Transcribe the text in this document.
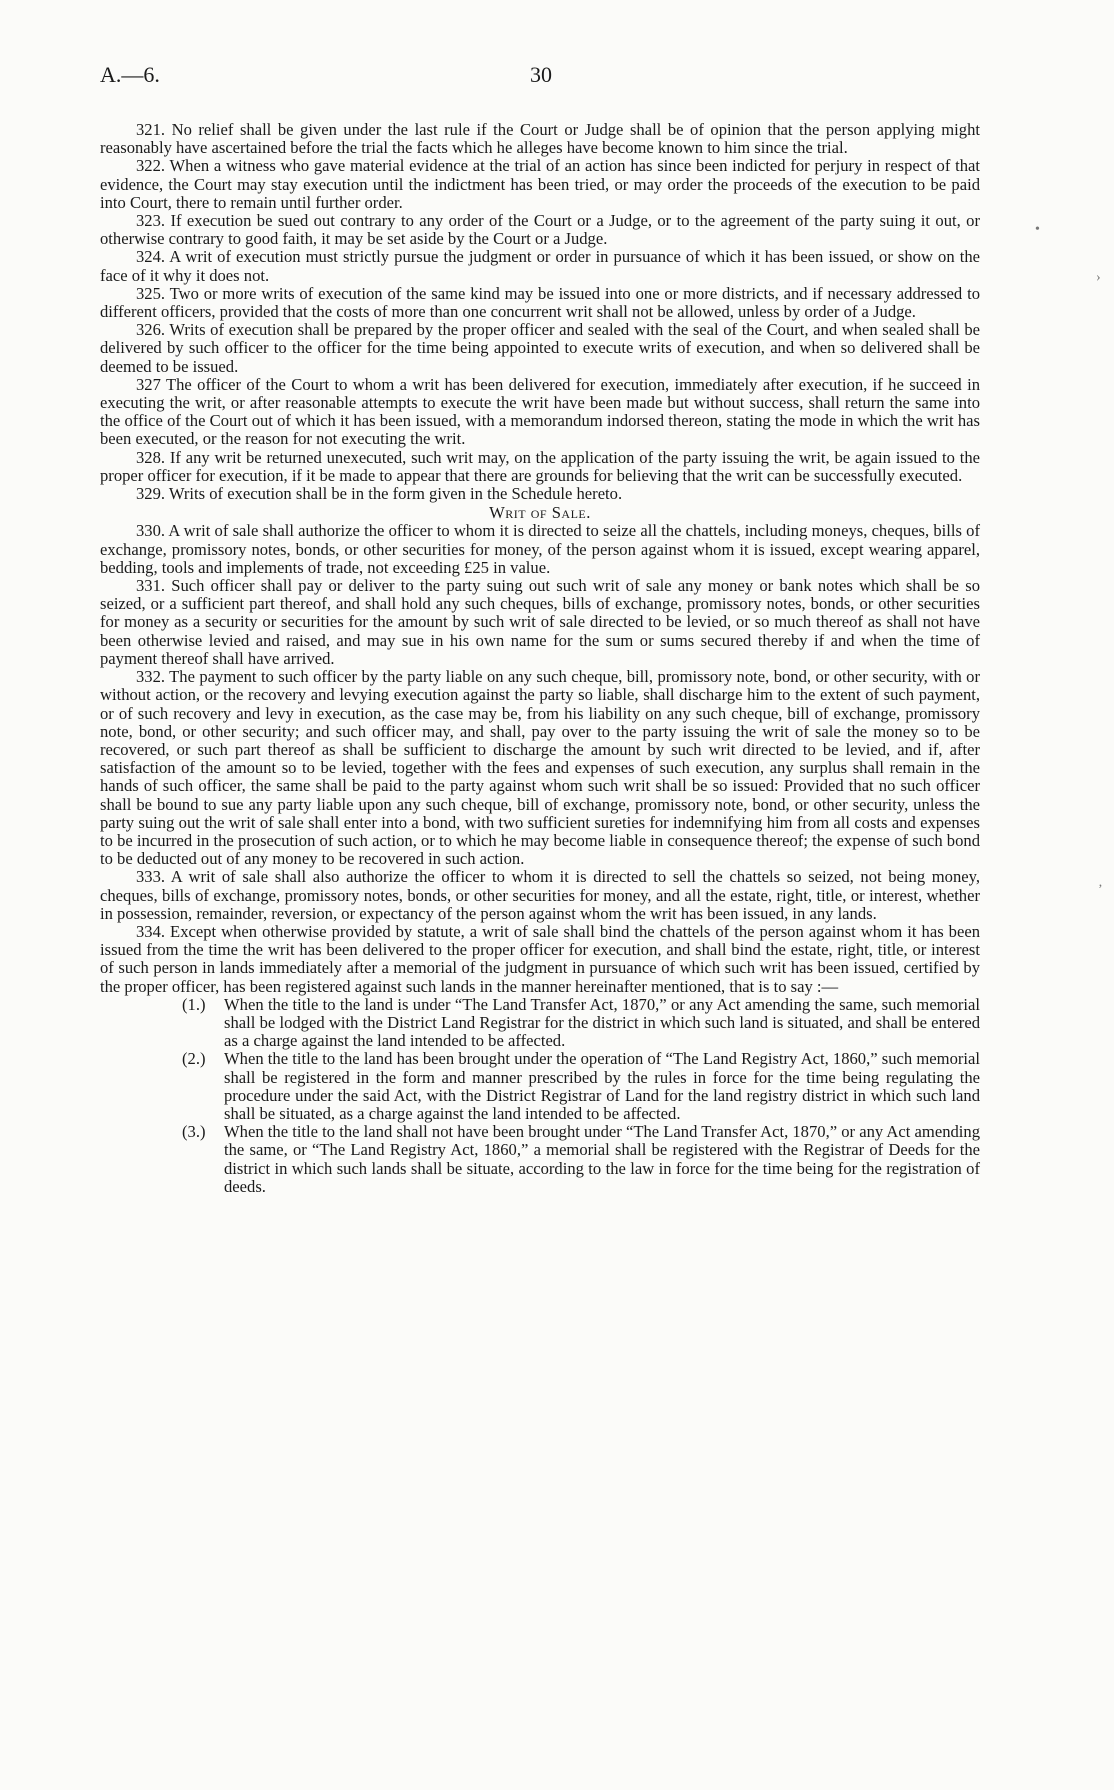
A.—6.	30

321. No relief shall be given under the last rule if the Court or Judge shall be of opinion that the person applying might reasonably have ascertained before the trial the facts which he alleges have become known to him since the trial.

322. When a witness who gave material evidence at the trial of an action has since been indicted for perjury in respect of that evidence, the Court may stay execution until the indictment has been tried, or may order the proceeds of the execution to be paid into Court, there to remain until further order.

323. If execution be sued out contrary to any order of the Court or a Judge, or to the agreement of the party suing it out, or otherwise contrary to good faith, it may be set aside by the Court or a Judge.

324. A writ of execution must strictly pursue the judgment or order in pursuance of which it has been issued, or show on the face of it why it does not.

325. Two or more writs of execution of the same kind may be issued into one or more districts, and if necessary addressed to different officers, provided that the costs of more than one concurrent writ shall not be allowed, unless by order of a Judge.

326. Writs of execution shall be prepared by the proper officer and sealed with the seal of the Court, and when sealed shall be delivered by such officer to the officer for the time being appointed to execute writs of execution, and when so delivered shall be deemed to be issued.

327 The officer of the Court to whom a writ has been delivered for execution, immediately after execution, if he succeed in executing the writ, or after reasonable attempts to execute the writ have been made but without success, shall return the same into the office of the Court out of which it has been issued, with a memorandum indorsed thereon, stating the mode in which the writ has been executed, or the reason for not executing the writ.

328. If any writ be returned unexecuted, such writ may, on the application of the party issuing the writ, be again issued to the proper officer for execution, if it be made to appear that there are grounds for believing that the writ can be successfully executed.

329. Writs of execution shall be in the form given in the Schedule hereto.

Writ of Sale.

330. A writ of sale shall authorize the officer to whom it is directed to seize all the chattels, including moneys, cheques, bills of exchange, promissory notes, bonds, or other securities for money, of the person against whom it is issued, except wearing apparel, bedding, tools and implements of trade, not exceeding £25 in value.

331. Such officer shall pay or deliver to the party suing out such writ of sale any money or bank notes which shall be so seized, or a sufficient part thereof, and shall hold any such cheques, bills of exchange, promissory notes, bonds, or other securities for money as a security or securities for the amount by such writ of sale directed to be levied, or so much thereof as shall not have been otherwise levied and raised, and may sue in his own name for the sum or sums secured thereby if and when the time of payment thereof shall have arrived.

332. The payment to such officer by the party liable on any such cheque, bill, promissory note, bond, or other security, with or without action, or the recovery and levying execution against the party so liable, shall discharge him to the extent of such payment, or of such recovery and levy in execution, as the case may be, from his liability on any such cheque, bill of exchange, promissory note, bond, or other security; and such officer may, and shall, pay over to the party issuing the writ of sale the money so to be recovered, or such part thereof as shall be sufficient to discharge the amount by such writ directed to be levied, and if, after satisfaction of the amount so to be levied, together with the fees and expenses of such execution, any surplus shall remain in the hands of such officer, the same shall be paid to the party against whom such writ shall be so issued: Provided that no such officer shall be bound to sue any party liable upon any such cheque, bill of exchange, promissory note, bond, or other security, unless the party suing out the writ of sale shall enter into a bond, with two sufficient sureties for indemnifying him from all costs and expenses to be incurred in the prosecution of such action, or to which he may become liable in consequence thereof; the expense of such bond to be deducted out of any money to be recovered in such action.

333. A writ of sale shall also authorize the officer to whom it is directed to sell the chattels so seized, not being money, cheques, bills of exchange, promissory notes, bonds, or other securities for money, and all the estate, right, title, or interest, whether in possession, remainder, reversion, or expectancy of the person against whom the writ has been issued, in any lands.

334. Except when otherwise provided by statute, a writ of sale shall bind the chattels of the person against whom it has been issued from the time the writ has been delivered to the proper officer for execution, and shall bind the estate, right, title, or interest of such person in lands immediately after a memorial of the judgment in pursuance of which such writ has been issued, certified by the proper officer, has been registered against such lands in the manner hereinafter mentioned, that is to say :—

(1.)	When the title to the land is under “The Land Transfer Act, 1870,” or any Act amending the same, such memorial shall be lodged with the District Land Registrar for the district in which such land is situated, and shall be entered as a charge against the land intended to be affected.
(2.)	When the title to the land has been brought under the operation of “The Land Registry Act, 1860,” such memorial shall be registered in the form and manner prescribed by the rules in force for the time being regulating the procedure under the said Act, with the District Registrar of Land for the land registry district in which such land shall be situated, as a charge against the land intended to be affected.
(3.)	When the title to the land shall not have been brought under “The Land Transfer Act, 1870,” or any Act amending the same, or “The Land Registry Act, 1860,” a memorial shall be registered with the Registrar of Deeds for the district in which such lands shall be situate, according to the law in force for the time being for the registration of deeds.
•
›
‚
